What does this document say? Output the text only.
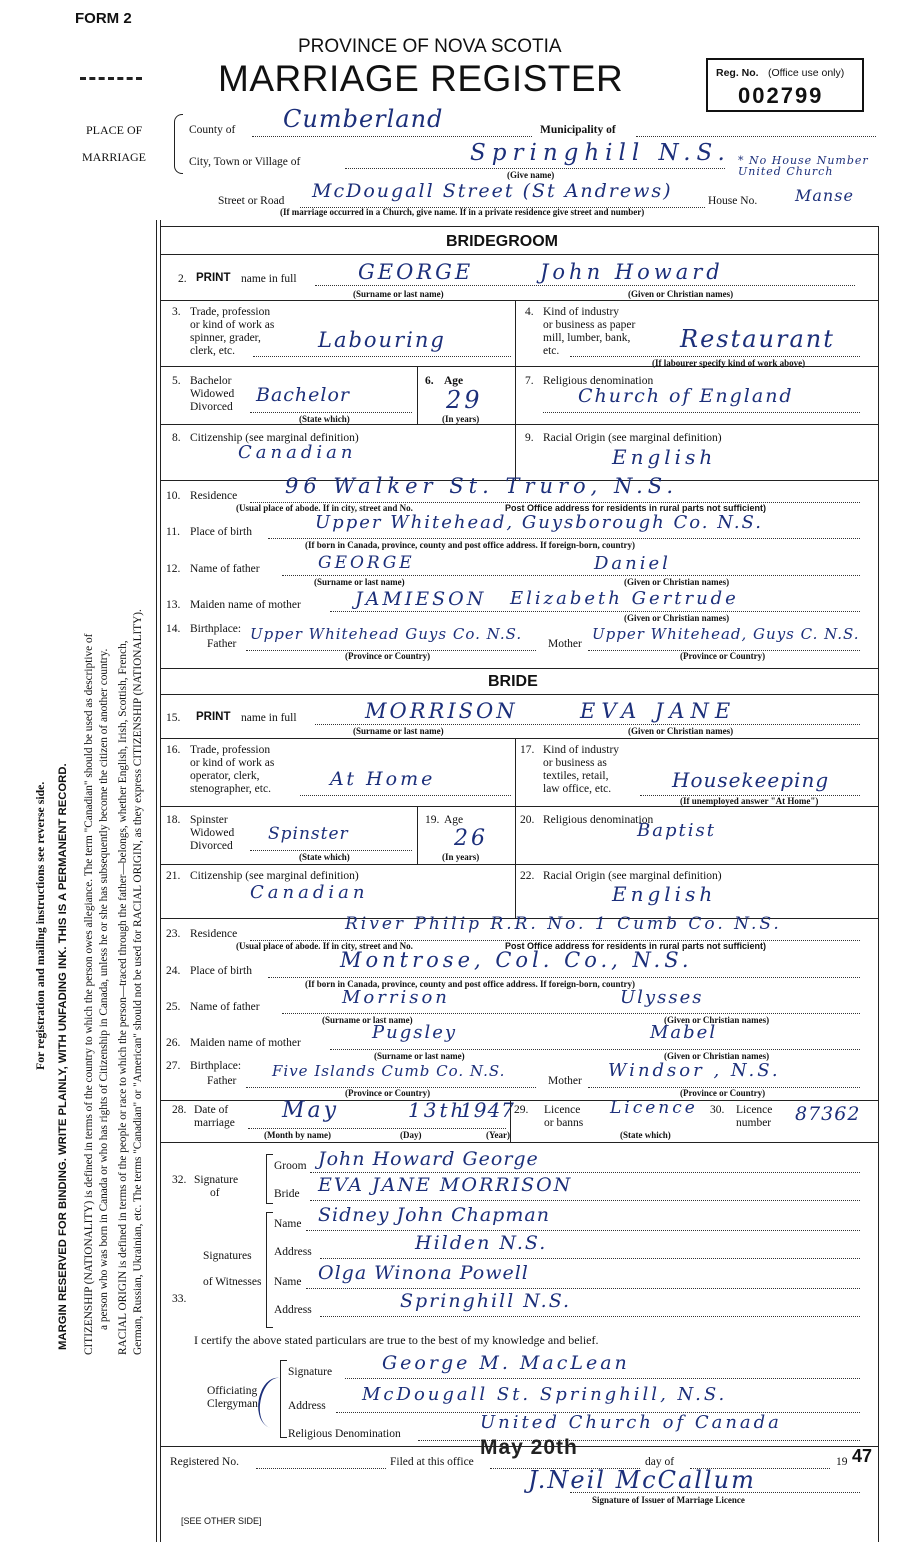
FORM 2
PROVINCE OF NOVA SCOTIA
MARRIAGE REGISTER	Reg. No. (Office use only)
002799
PLACE OF
MARRIAGE
County of Cumberland	Municipality of
City, Town or Village of	Springhill N.S.
(Give name)
* No House Number United Church
Street or Road McDougall Street (St Andrews)	House No. Manse
(If marriage occurred in a Church, give name. If in a private residence give street and number)
For registration and mailing instructions see reverse side. MARGIN RESERVED FOR BINDING. WRITE PLAINLY, WITH UNFADING INK. THIS IS A PERMANENT RECORD. CITIZENSHIP (NATIONALITY) is defined in terms of the country to which the person owes allegiance. The term "Canadian" should be used as descriptive of a person who was born in Canada or who has rights of Citizenship in Canada, unless he or she has subsequently become the citizen of another country. RACIAL ORIGIN is defined in terms of the people or race to which the person—traced through the father—belongs, whether English, Irish, Scottish, French, German, Russian, Ukrainian, etc. The terms "Canadian" or "American" should not be used for RACIAL ORIGIN, as they express CITIZENSHIP (NATIONALITY).
BRIDEGROOM
2. PRINT name in full	GEORGE	John Howard
(Surname or last name)	(Given or Christian names)
3. Trade, profession
or kind of work as
spinner, grader,
clerk, etc.	Labouring
4. Kind of industry
or business as paper
mill, lumber, bank,
etc.	Restaurant
(If labourer specify kind of work above)
5. Bachelor
Widowed
Divorced
Bachelor
(State which)
6. Age
29
(In years)
7. Religious denomination
Church of England
8. Citizenship (see marginal definition)
Canadian
9. Racial Origin (see marginal definition)
English
10. Residence 96 Walker St. Truro, N.S.
(Usual place of abode. If in city, street and No.	Post Office address for residents in rural parts not sufficient)
11. Place of birth	Upper Whitehead, Guysborough Co. N.S.
(If born in Canada, province, county and post office address. If foreign-born, country)
12. Name of father	GEORGE	Daniel
(Surname or last name)	(Given or Christian names)
13. Maiden name of mother	JAMIESON Elizabeth Gertrude
(Given or Christian names)
14. Birthplace:
Father
Upper Whitehead Guys Co. N.S.
Mother
Upper Whitehead, Guys C. N.S.
(Province or Country)	(Province or Country)
BRIDE
15. PRINT name in full	MORRISON	EVA JANE
(Surname or last name)	(Given or Christian names)
16. Trade, profession
or kind of work as
operator, clerk,
stenographer, etc.	At Home
17. Kind of industry
or business as
textiles, retail,
law office, etc.	Housekeeping
(If unemployed answer "At Home")
18. Spinster
Widowed
Divorced
Spinster
(State which)
19. Age
26
(In years)
20. Religious denomination
Baptist
21. Citizenship (see marginal definition)
Canadian
22. Racial Origin (see marginal definition)
English
23. Residence	River Philip R.R. No. 1 Cumb Co. N.S.
(Usual place of abode. If in city, street and No.	Post Office address for residents in rural parts not sufficient)
24. Place of birth	Montrose, Col. Co., N.S.
(If born in Canada, province, county and post office address. If foreign-born, country)
25. Name of father	Morrison	Ulysses
(Surname or last name)	(Given or Christian names)
26. Maiden name of mother	Pugsley	Mabel
(Surname or last name)	(Given or Christian names)
27. Birthplace:
Father
Five Islands Cumb Co. N.S.
Mother Windsor , N.S.
(Province or Country)	(Province or Country)
28. Date of
marriage May	13th
1947
(Month by name)	(Day)	(Year)
29. Licence
or banns
Licence
(State which)
30. Licence
number 87362
32. Signature
of
Groom John Howard George
Bride EVA JANE MORRISON
33.
Signatures
of Witnesses
Name Sidney John Chapman
Address	Hilden N.S.
Name Olga Winona Powell
Address	Springhill N.S.
I certify the above stated particulars are true to the best of my knowledge and belief.
Officiating
Clergyman
Signature	George M. MacLean
Address
McDougall St. Springhill, N.S.
Religious Denomination
United Church of Canada
Registered No.	Filed at this office
May 20th
day of	19 47
J.Neil McCallum
Signature of Issuer of Marriage Licence
[SEE OTHER SIDE]
